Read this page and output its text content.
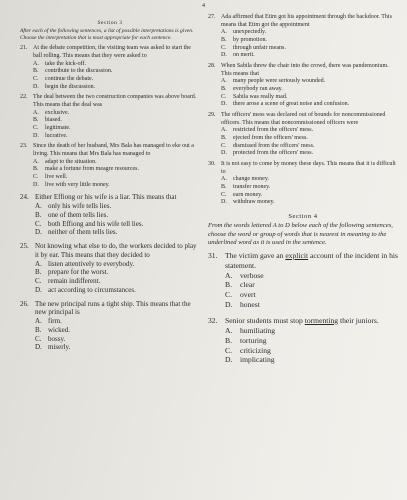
4
Section 3
After each of the following sentences, a list of possible interpretations is given. Choose the interpretation that is most appropriate for each sentence.
21. At the debate competition, the visiting team was asked to start the ball rolling. This means that they were asked to
A.	take the kick-off.
B.	contribute to the discussion.
C.	continue the debate.
D.	begin the discussion.
22. The deal between the two construction companies was above board. This means that the deal was
A.	exclusive.
B.	biased.
C.	legitimate.
D.	lucrative.
23. Since the death of her husband, Mrs Bala has managed to eke out a living. This means that Mrs Bala has managed to
A.	adapt to the situation.
B.	make a fortune from meagre resources.
C.	live well.
D.	live with very little money.
24. Either Effiong or his wife is a liar. This means that
A. only his wife tells lies.
B. one of them tells lies.
C. both Effiong and his wife tell lies.
D. neither of them tells lies.
25. Not knowing what else to do, the workers decided to play it by ear. This means that they decided to
A. listen attentively to everybody.
B. prepare for the worst.
C. remain indifferent.
D. act according to circumstances.
26. The new principal runs a tight ship. This means that the new principal is
A. firm.
B. wicked.
C. bossy.
D. miserly.
27. Ada affirmed that Etim got his appointment through the backdoor. This means that Etim got the appointment
A.	unexpectedly.
B.	by promotion.
C.	through unfair means.
D.	on merit.
28. When Sabila threw the chair into the crowd, there was pandemonium. This means that
A.	many people were seriously wounded.
B.	everybody ran away.
C.	Sabila was really mad.
D.	there arose a scene of great noise and confusion.
29. The officers' mess was declared out of bounds for noncommissioned officers. This means that noncommissioned officers were
A.	restricted from the officers' mess.
B.	ejected from the officers' mess.
C.	dismissed from the officers' mess.
D.	protected from the officers' mess.
30. It is not easy to come by money these days. This means that it is difficult to
A.	change money.
B.	transfer money.
C.	earn money.
D.	withdraw money.
Section 4
From the words lettered A to D below each of the following sentences, choose the word or group of words that is nearest in meaning to the underlined word as it is used in the sentence.
31. The victim gave an explicit account of the incident in his statement.
A.	verbose
B.	clear
C.	overt
D.	honest
32. Senior students must stop tormenting their juniors.
A.	humiliating
B.	torturing
C.	criticizing
D.	implicating
